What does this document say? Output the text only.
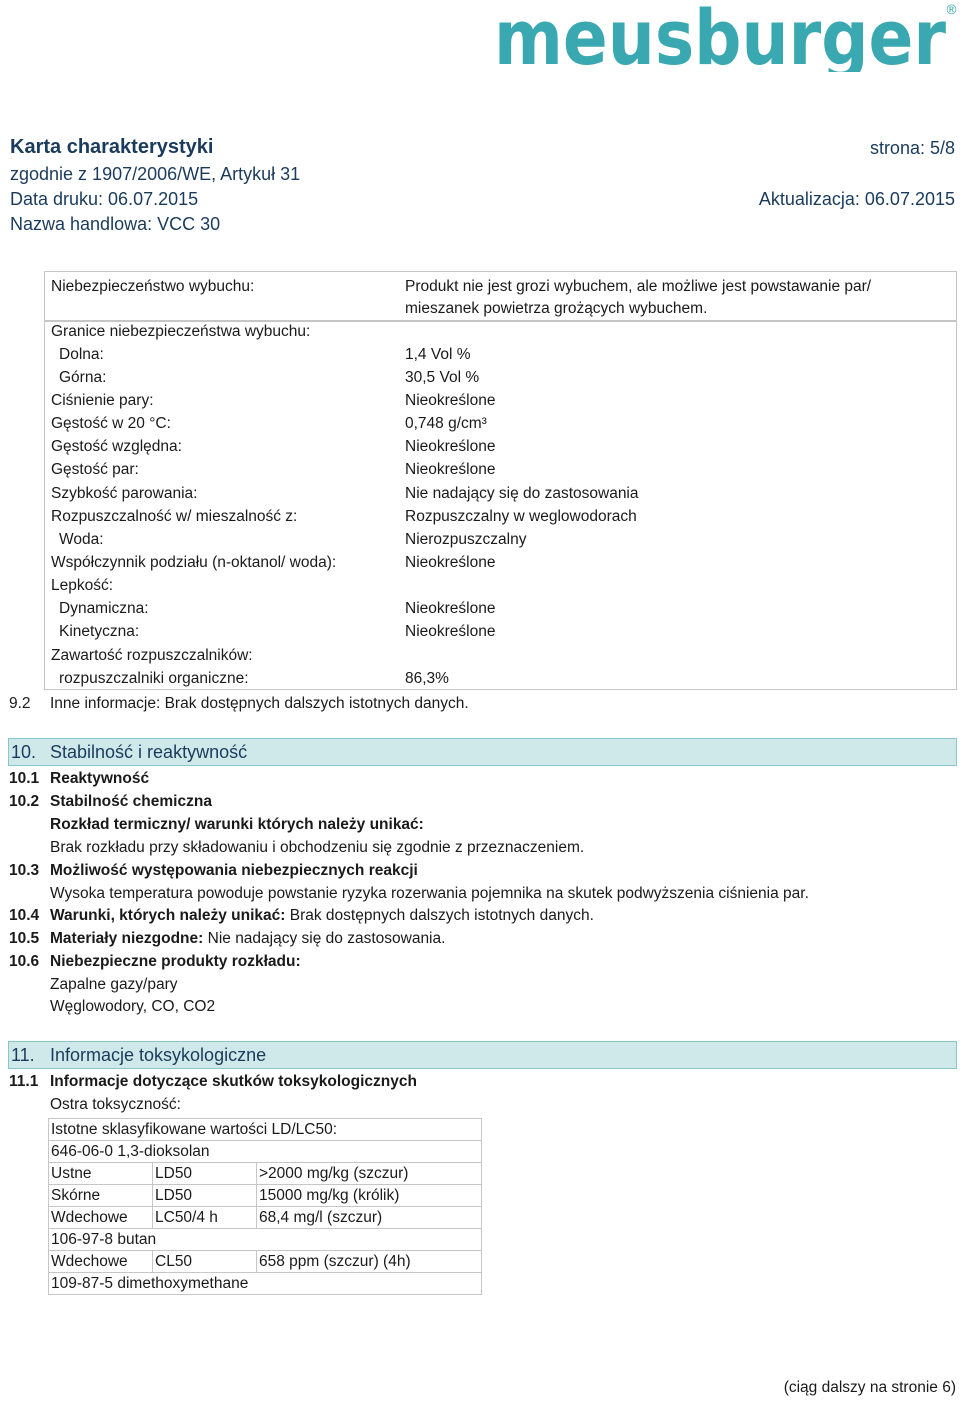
meusburger
®
Karta charakterystyki	strona: 5/8
zgodnie z 1907/2006/WE, Artykuł 31
Data druku: 06.07.2015	Aktualizacja: 06.07.2015
Nazwa handlowa: VCC 30
Niebezpieczeństwo wybuchu:	Produkt nie jest grozi wybuchem, ale możliwe jest powstawanie par/
mieszanek powietrza grożących wybuchem.
Granice niebezpieczeństwa wybuchu:
Dolna:	1,4 Vol %
Górna:	30,5 Vol %
Ciśnienie pary:	Nieokreślone
Gęstość w 20 °C:	0,748 g/cm³
Gęstość względna:	Nieokreślone
Gęstość par:	Nieokreślone
Szybkość parowania:	Nie nadający się do zastosowania
Rozpuszczalność w/ mieszalność z:	Rozpuszczalny w weglowodorach
Woda:	Nierozpuszczalny
Współczynnik podziału (n-oktanol/ woda):	Nieokreślone
Lepkość:
Dynamiczna:	Nieokreślone
Kinetyczna:	Nieokreślone
Zawartość rozpuszczalników:
rozpuszczalniki organiczne:	86,3%
9.2 Inne informacje: Brak dostępnych dalszych istotnych danych.
10. Stabilność i reaktywność
10.1 Reaktywność
10.2 Stabilność chemiczna
Rozkład termiczny/ warunki których należy unikać:
Brak rozkładu przy składowaniu i obchodzeniu się zgodnie z przeznaczeniem.
10.3 Możliwość występowania niebezpiecznych reakcji
Wysoka temperatura powoduje powstanie ryzyka rozerwania pojemnika na skutek podwyższenia ciśnienia par.
10.4 Warunki, których należy unikać: Brak dostępnych dalszych istotnych danych.
10.5 Materiały niezgodne: Nie nadający się do zastosowania.
10.6 Niebezpieczne produkty rozkładu:
Zapalne gazy/pary
Węglowodory, CO, CO2
11. Informacje toksykologiczne
11.1 Informacje dotyczące skutków toksykologicznych
Ostra toksyczność:
Istotne sklasyfikowane wartości LD/LC50:		
646-06-0 1,3-dioksolan		
Ustne	LD50	>2000 mg/kg (szczur)
Skórne	LD50	15000 mg/kg (królik)
Wdechowe	LC50/4 h	68,4 mg/l (szczur)
106-97-8 butan		
Wdechowe	CL50	658 ppm (szczur) (4h)
109-87-5 dimethoxymethane		
(ciąg dalszy na stronie 6)
